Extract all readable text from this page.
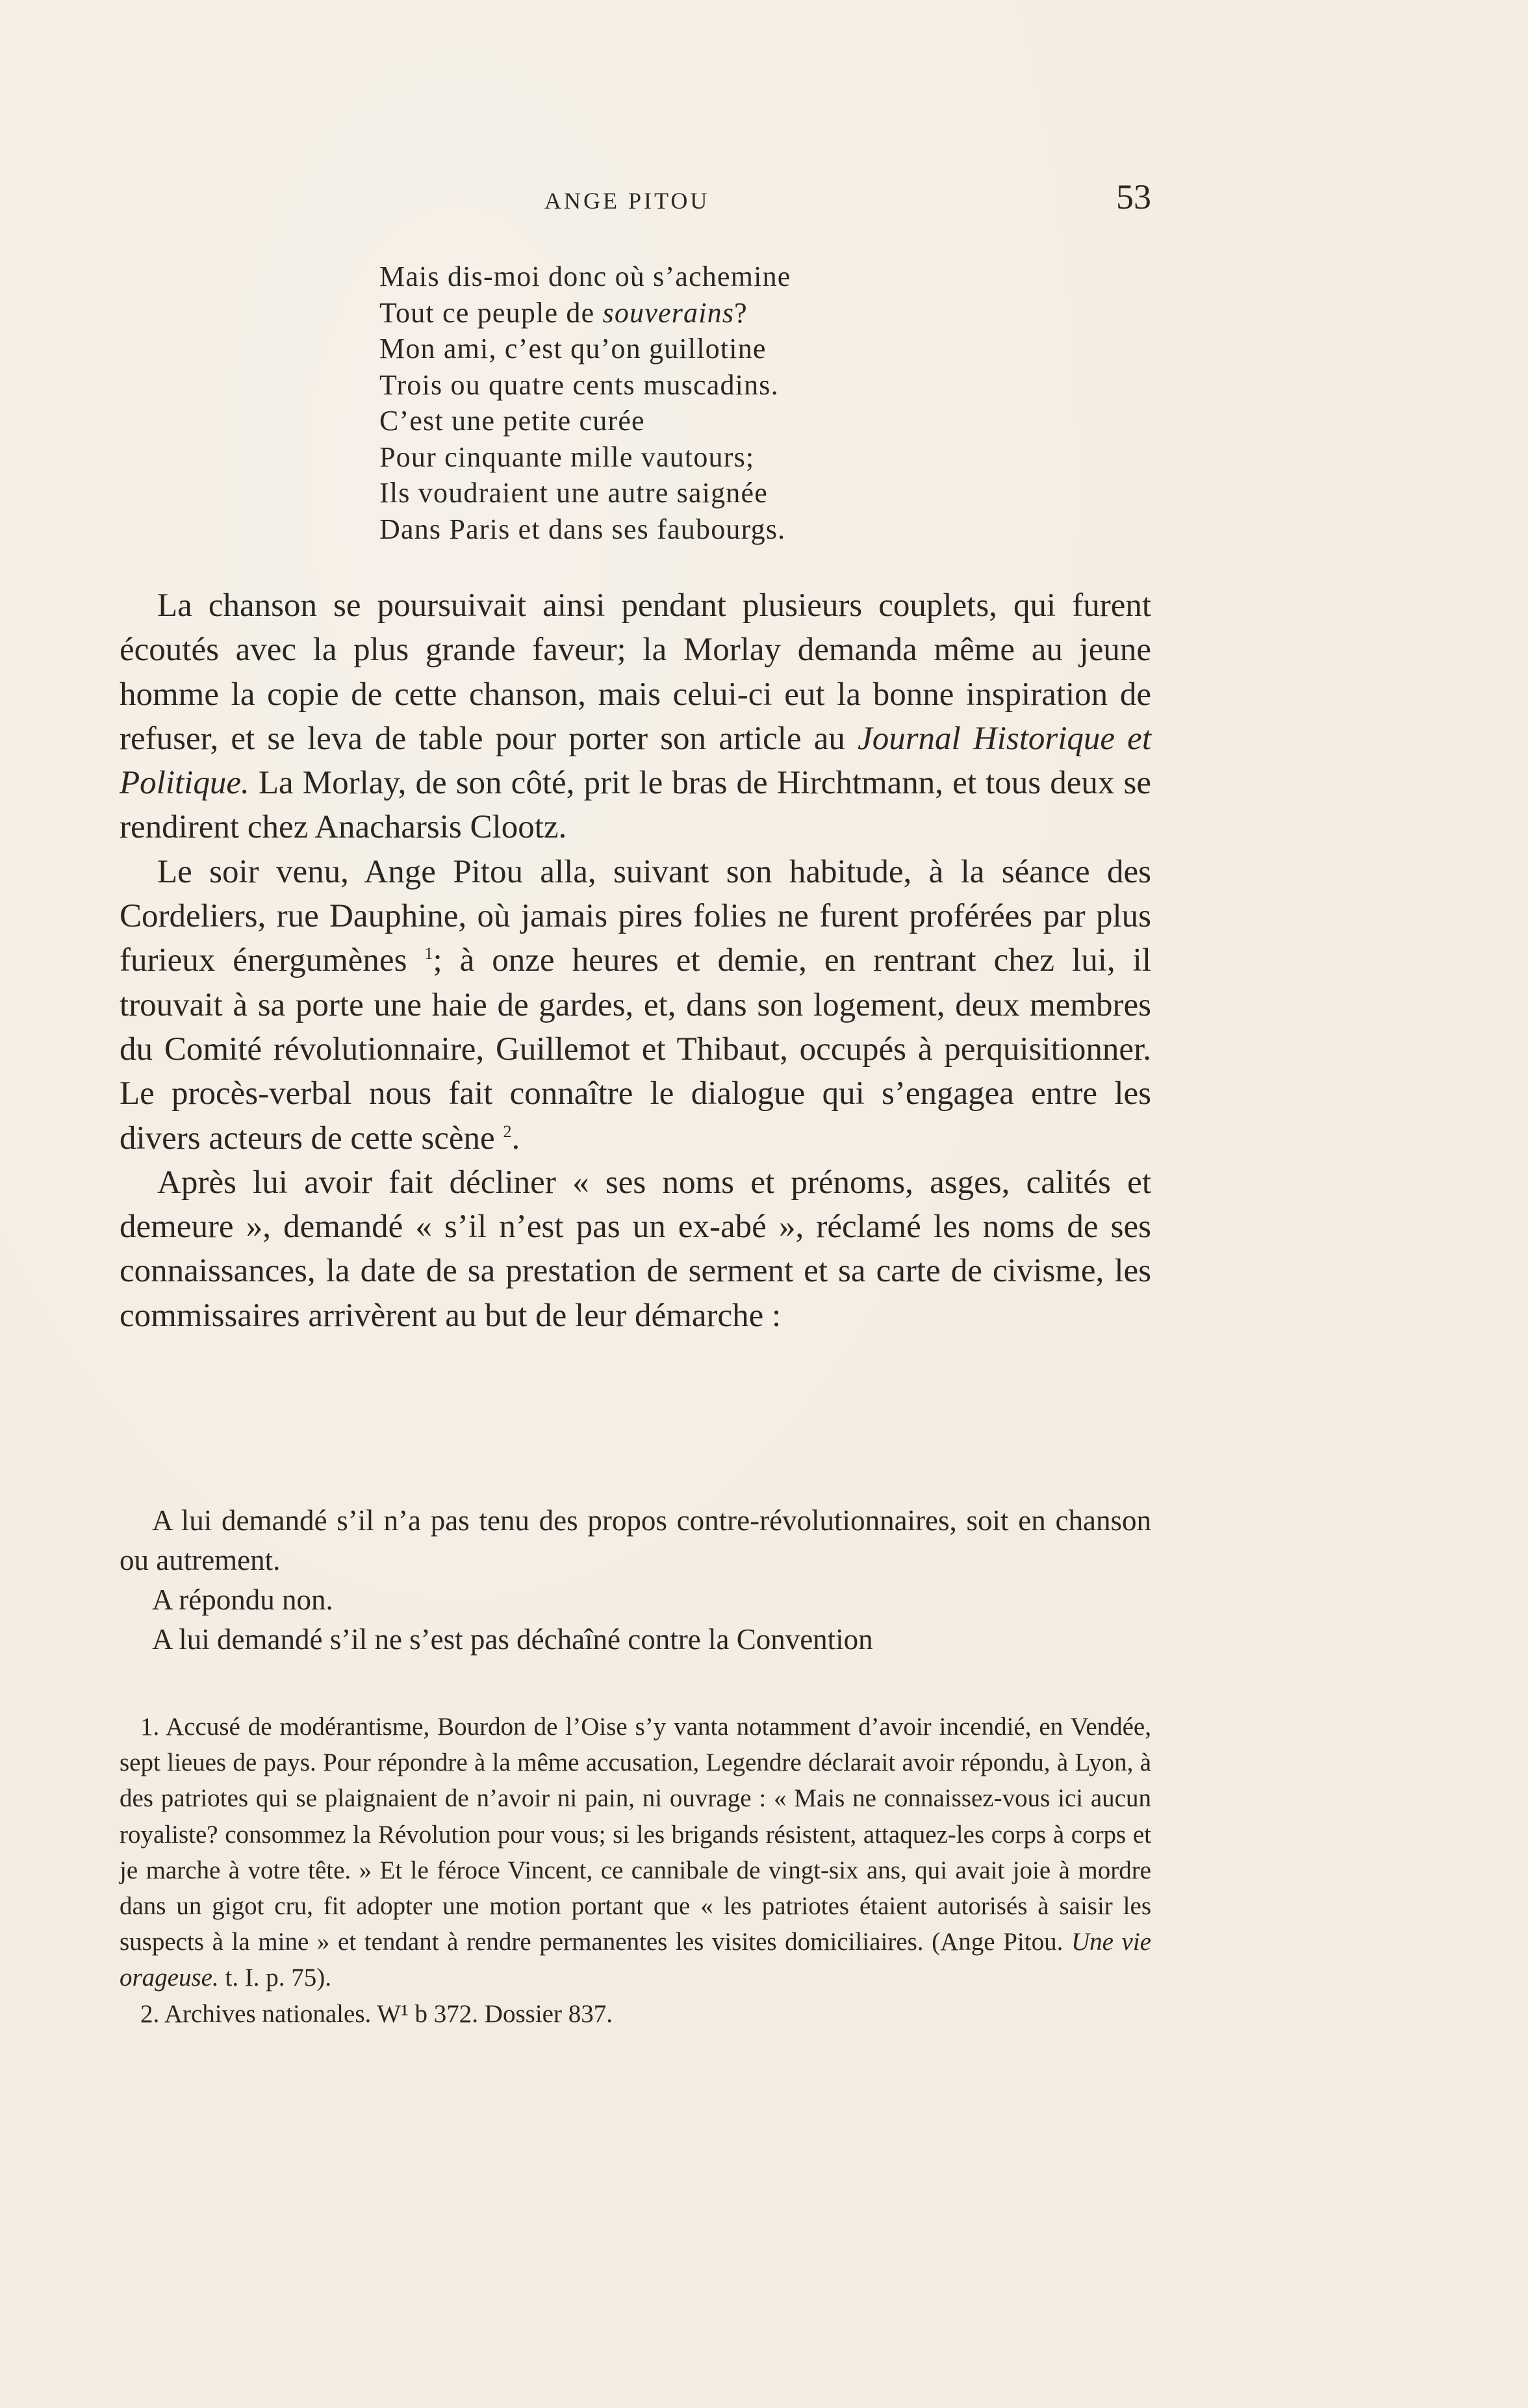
ANGE PITOU	53
Mais dis-moi donc où s’achemine
Tout ce peuple de souverains?
Mon ami, c’est qu’on guillotine
Trois ou quatre cents muscadins.
C’est une petite curée
Pour cinquante mille vautours;
Ils voudraient une autre saignée
Dans Paris et dans ses faubourgs.

La chanson se poursuivait ainsi pendant plusieurs couplets, qui furent écoutés avec la plus grande faveur; la Morlay demanda même au jeune homme la copie de cette chanson, mais celui-ci eut la bonne inspiration de refuser, et se leva de table pour porter son article au Journal Historique et Politique. La Morlay, de son côté, prit le bras de Hirchtmann, et tous deux se rendirent chez Anacharsis Clootz.

Le soir venu, Ange Pitou alla, suivant son habitude, à la séance des Cordeliers, rue Dauphine, où jamais pires folies ne furent proférées par plus furieux énergumènes $^1$; à onze heures et demie, en rentrant chez lui, il trouvait à sa porte une haie de gardes, et, dans son logement, deux membres du Comité révolutionnaire, Guillemot et Thibaut, occupés à perquisitionner. Le procès-verbal nous fait connaître le dialogue qui s’engagea entre les divers acteurs de cette scène $^2$.

Après lui avoir fait décliner « ses noms et prénoms, asges, calités et demeure », demandé « s’il n’est pas un ex-abé », réclamé les noms de ses connaissances, la date de sa prestation de serment et sa carte de civisme, les commissaires arrivèrent au but de leur démarche :

A lui demandé s’il n’a pas tenu des propos contre-révolutionnaires, soit en chanson ou autrement.

A répondu non.

A lui demandé s’il ne s’est pas déchaîné contre la Convention

1. Accusé de modérantisme, Bourdon de l’Oise s’y vanta notamment d’avoir incendié, en Vendée, sept lieues de pays. Pour répondre à la même accusation, Legendre déclarait avoir répondu, à Lyon, à des patriotes qui se plaignaient de n’avoir ni pain, ni ouvrage : « Mais ne connaissez-vous ici aucun royaliste? consommez la Révolution pour vous; si les brigands résistent, attaquez-les corps à corps et je marche à votre tête. » Et le féroce Vincent, ce cannibale de vingt-six ans, qui avait joie à mordre dans un gigot cru, fit adopter une motion portant que « les patriotes étaient autorisés à saisir les suspects à la mine » et tendant à rendre permanentes les visites domiciliaires. (Ange Pitou. Une vie orageuse. t. I. p. 75).

2. Archives nationales. W¹ b 372. Dossier 837.
